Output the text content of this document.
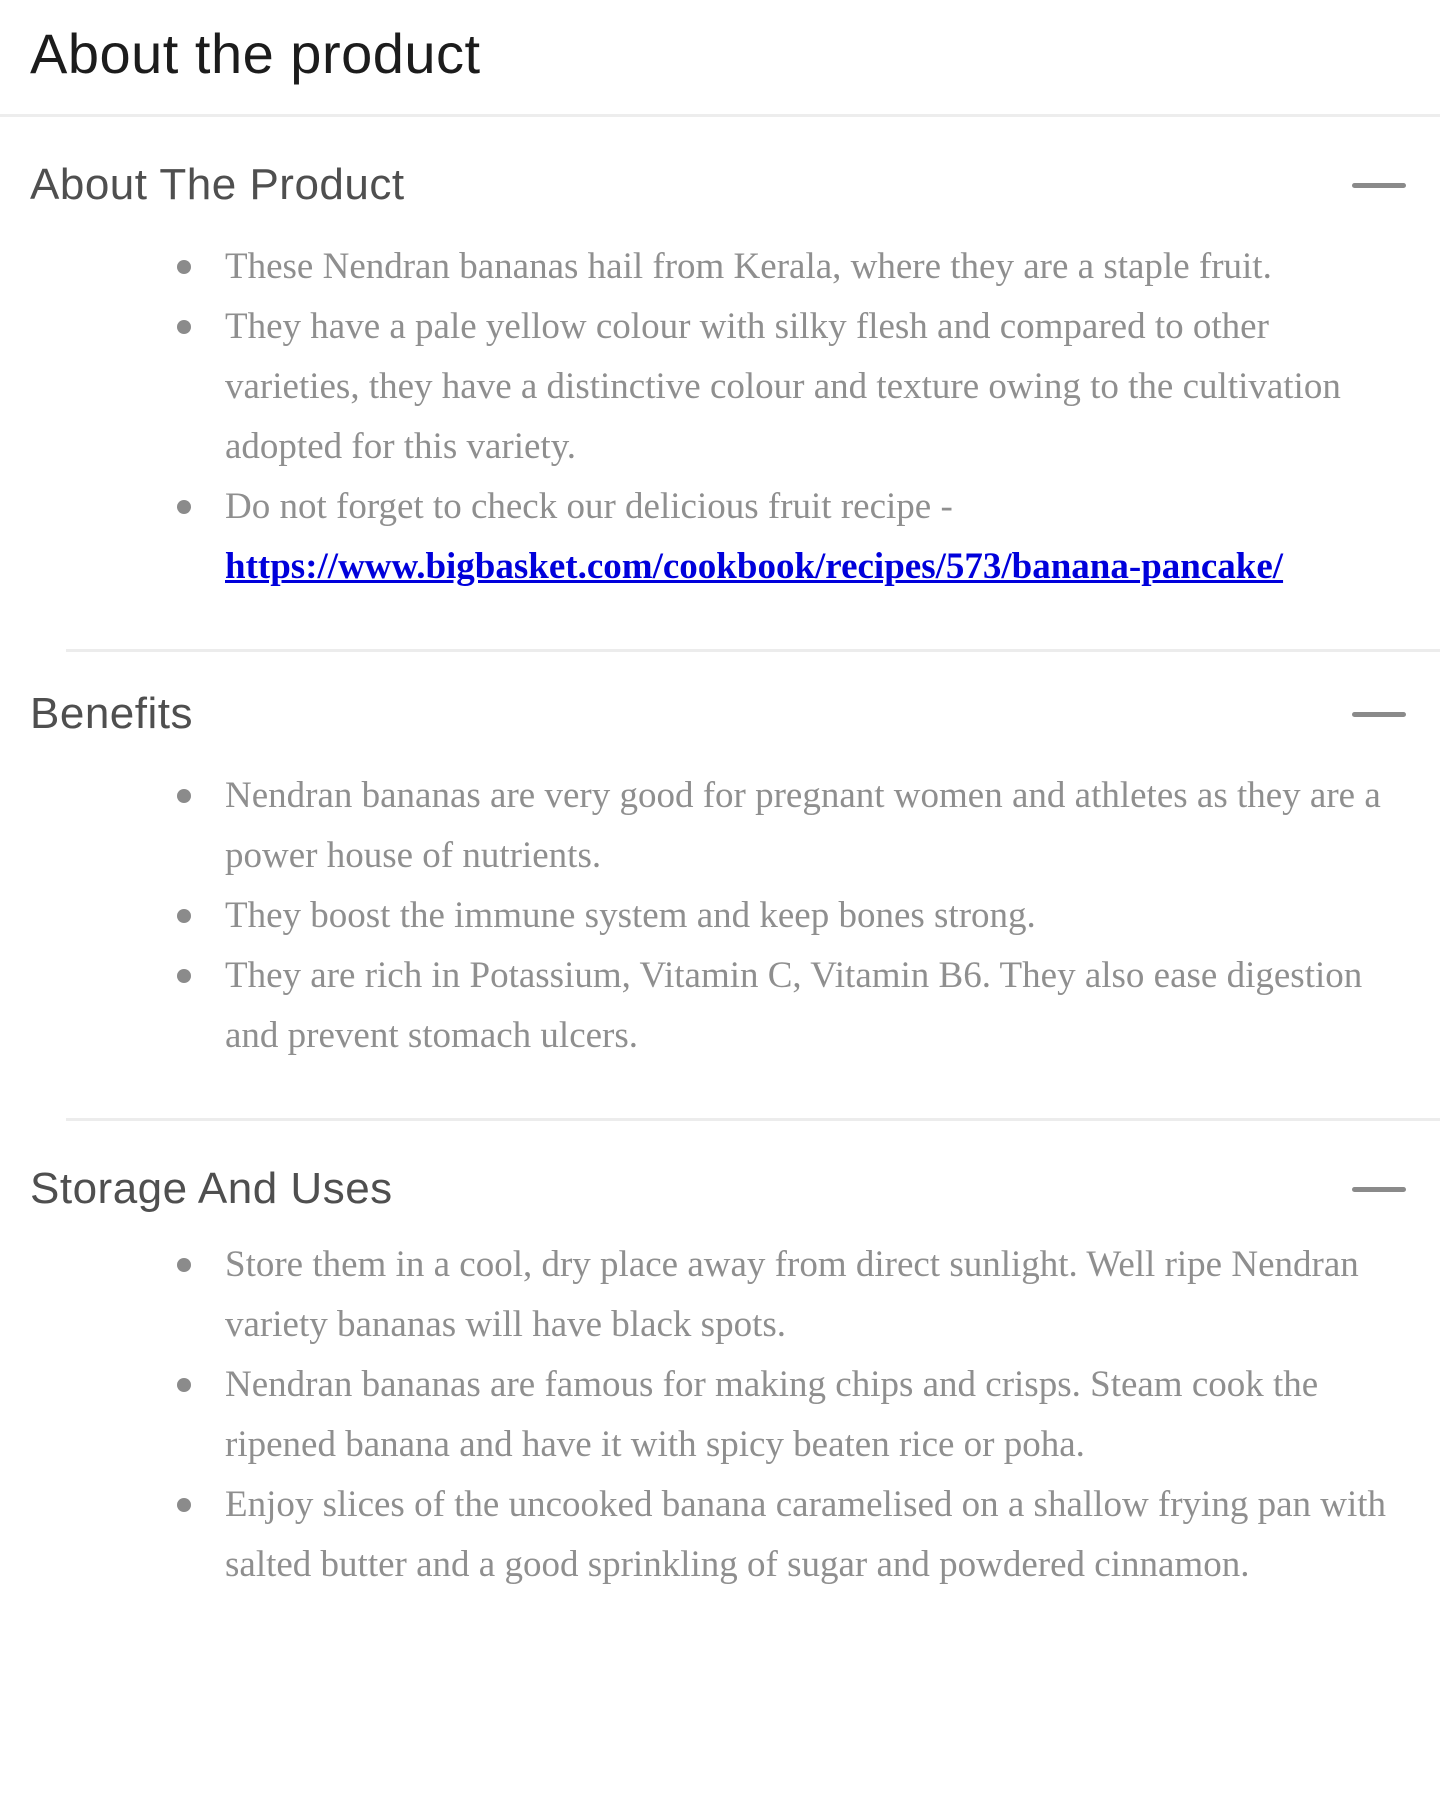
About the product
About The Product
These Nendran bananas hail from Kerala, where they are a staple fruit.
They have a pale yellow colour with silky flesh and compared to other varieties, they have a distinctive colour and texture owing to the cultivation adopted for this variety.
Do not forget to check our delicious fruit recipe -
https://www.bigbasket.com/cookbook/recipes/573/banana-pancake/
Benefits
Nendran bananas are very good for pregnant women and athletes as they are a power house of nutrients.
They boost the immune system and keep bones strong.
They are rich in Potassium, Vitamin C, Vitamin B6. They also ease digestion and prevent stomach ulcers.
Storage And Uses
Store them in a cool, dry place away from direct sunlight. Well ripe Nendran variety bananas will have black spots.
Nendran bananas are famous for making chips and crisps. Steam cook the ripened banana and have it with spicy beaten rice or poha.
Enjoy slices of the uncooked banana caramelised on a shallow frying pan with salted butter and a good sprinkling of sugar and powdered cinnamon.
